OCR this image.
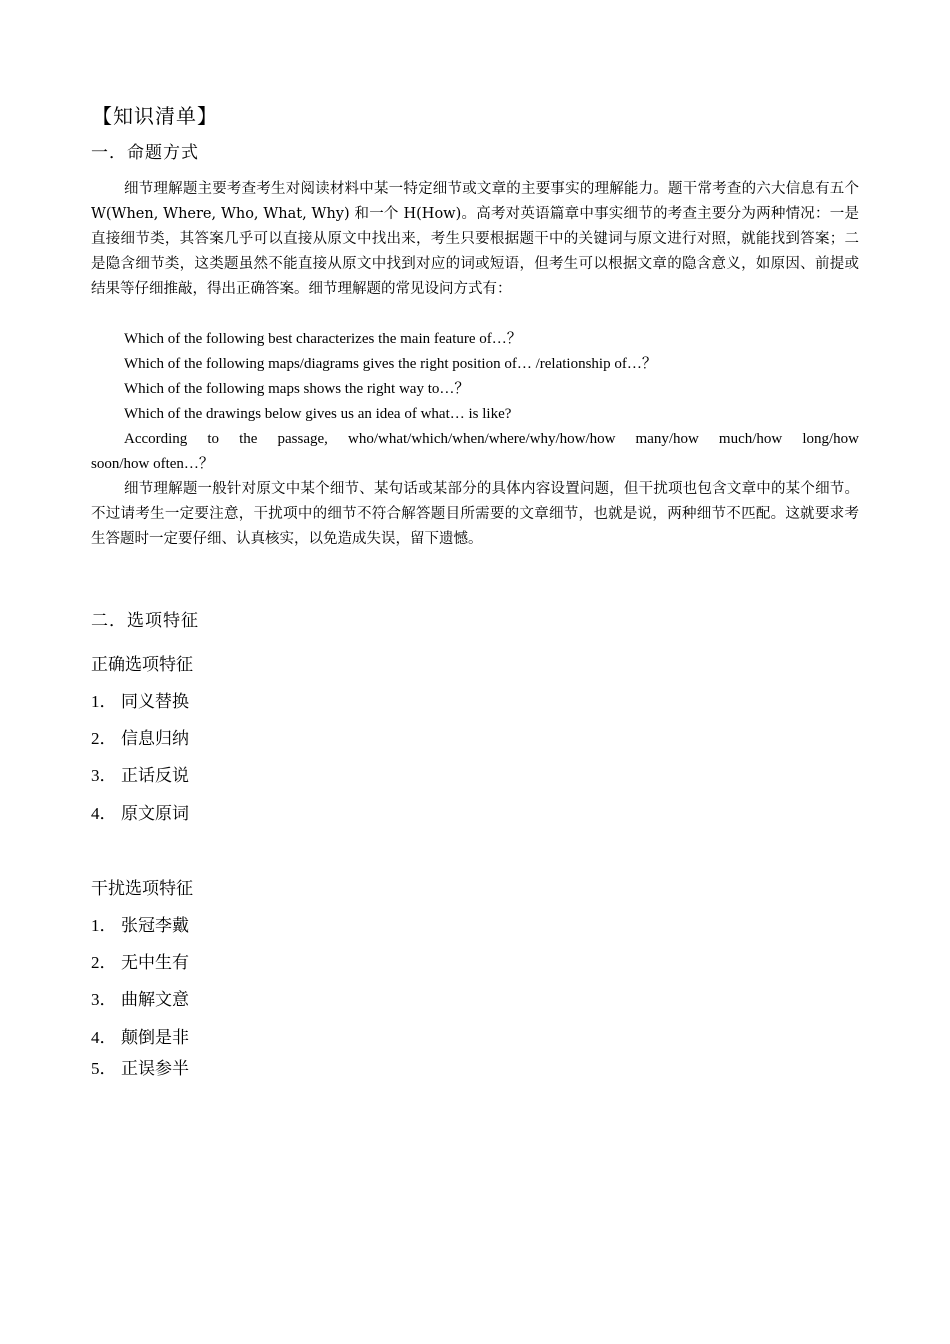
【知识清单】
一．命题方式

细节理解题主要考查考生对阅读材料中某一特定细节或文章的主要事实的理解能力。题干常考查的六大信息有五个 W(When, Where, Who, What, Why) 和一个 H(How)。高考对英语篇章中事实细节的考查主要分为两种情况：一是直接细节类，其答案几乎可以直接从原文中找出来，考生只要根据题干中的关键词与原文进行对照，就能找到答案；二是隐含细节类，这类题虽然不能直接从原文中找到对应的词或短语，但考生可以根据文章的隐含意义，如原因、前提或结果等仔细推敲，得出正确答案。细节理解题的常见设问方式有：

Which of the following best characterizes the main feature of…？
Which of the following maps/diagrams gives the right position of… /relationship of…？
Which of the following maps shows the right way to…？
Which of the drawings below gives us an idea of what… is like?
According to the passage, who/what/which/when/where/why/how/how many/how much/how long/how
soon/how often…？

细节理解题一般针对原文中某个细节、某句话或某部分的具体内容设置问题，但干扰项也包含文章中的某个细节。不过请考生一定要注意，干扰项中的细节不符合解答题目所需要的文章细节，也就是说，两种细节不匹配。这就要求考生答题时一定要仔细、认真核实，以免造成失误，留下遗憾。

二．选项特征
正确选项特征
1． 同义替换
2． 信息归纳
3． 正话反说
4． 原文原词
干扰选项特征
1． 张冠李戴
2． 无中生有
3． 曲解文意
4． 颠倒是非
5． 正误参半
